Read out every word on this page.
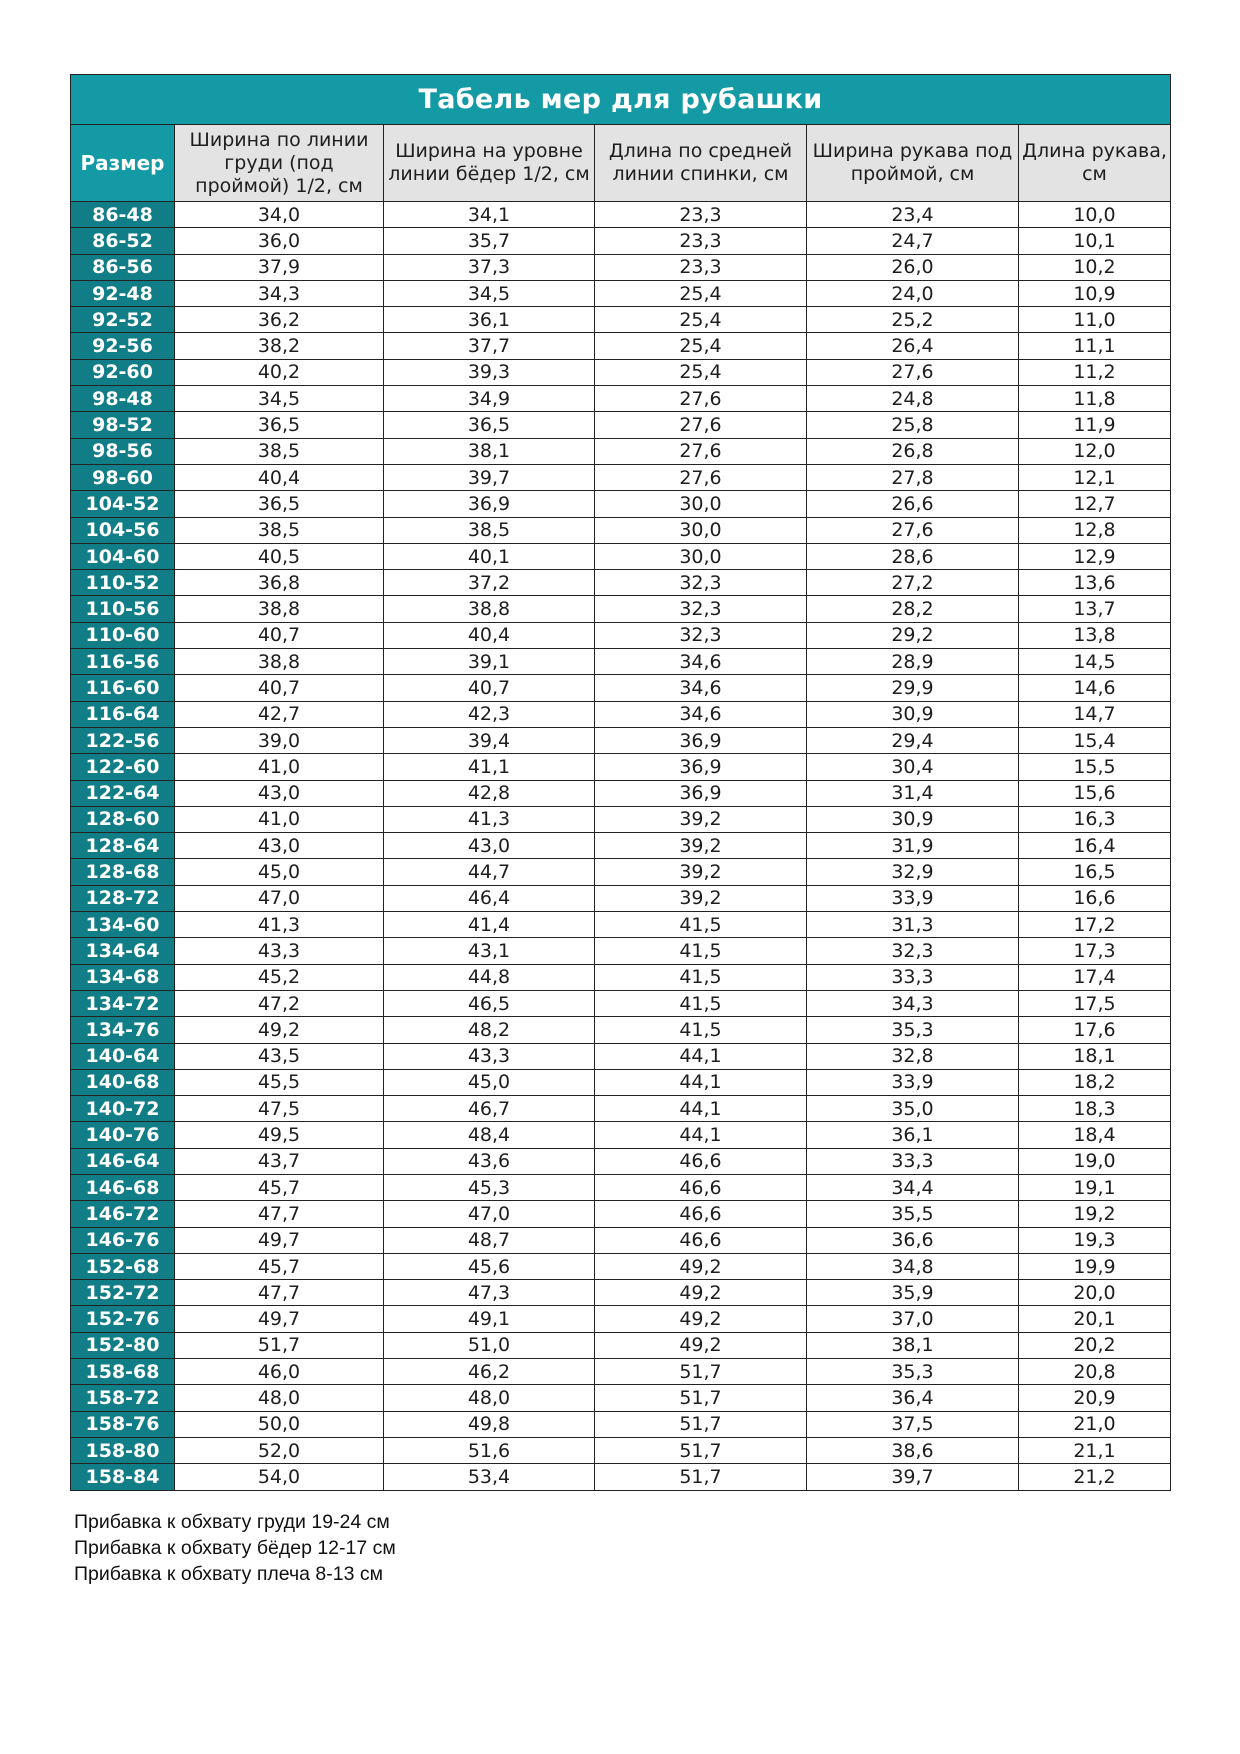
Табель мер для рубашки					
Размер	Ширина по линии груди (под проймой) 1/2, см	Ширина на уровне линии бёдер 1/2, см	Длина по средней линии спинки, см	Ширина рукава под проймой, см	Длина рукава, см
86-48	34,0	34,1	23,3	23,4	10,0
86-52	36,0	35,7	23,3	24,7	10,1
86-56	37,9	37,3	23,3	26,0	10,2
92-48	34,3	34,5	25,4	24,0	10,9
92-52	36,2	36,1	25,4	25,2	11,0
92-56	38,2	37,7	25,4	26,4	11,1
92-60	40,2	39,3	25,4	27,6	11,2
98-48	34,5	34,9	27,6	24,8	11,8
98-52	36,5	36,5	27,6	25,8	11,9
98-56	38,5	38,1	27,6	26,8	12,0
98-60	40,4	39,7	27,6	27,8	12,1
104-52	36,5	36,9	30,0	26,6	12,7
104-56	38,5	38,5	30,0	27,6	12,8
104-60	40,5	40,1	30,0	28,6	12,9
110-52	36,8	37,2	32,3	27,2	13,6
110-56	38,8	38,8	32,3	28,2	13,7
110-60	40,7	40,4	32,3	29,2	13,8
116-56	38,8	39,1	34,6	28,9	14,5
116-60	40,7	40,7	34,6	29,9	14,6
116-64	42,7	42,3	34,6	30,9	14,7
122-56	39,0	39,4	36,9	29,4	15,4
122-60	41,0	41,1	36,9	30,4	15,5
122-64	43,0	42,8	36,9	31,4	15,6
128-60	41,0	41,3	39,2	30,9	16,3
128-64	43,0	43,0	39,2	31,9	16,4
128-68	45,0	44,7	39,2	32,9	16,5
128-72	47,0	46,4	39,2	33,9	16,6
134-60	41,3	41,4	41,5	31,3	17,2
134-64	43,3	43,1	41,5	32,3	17,3
134-68	45,2	44,8	41,5	33,3	17,4
134-72	47,2	46,5	41,5	34,3	17,5
134-76	49,2	48,2	41,5	35,3	17,6
140-64	43,5	43,3	44,1	32,8	18,1
140-68	45,5	45,0	44,1	33,9	18,2
140-72	47,5	46,7	44,1	35,0	18,3
140-76	49,5	48,4	44,1	36,1	18,4
146-64	43,7	43,6	46,6	33,3	19,0
146-68	45,7	45,3	46,6	34,4	19,1
146-72	47,7	47,0	46,6	35,5	19,2
146-76	49,7	48,7	46,6	36,6	19,3
152-68	45,7	45,6	49,2	34,8	19,9
152-72	47,7	47,3	49,2	35,9	20,0
152-76	49,7	49,1	49,2	37,0	20,1
152-80	51,7	51,0	49,2	38,1	20,2
158-68	46,0	46,2	51,7	35,3	20,8
158-72	48,0	48,0	51,7	36,4	20,9
158-76	50,0	49,8	51,7	37,5	21,0
158-80	52,0	51,6	51,7	38,6	21,1
158-84	54,0	53,4	51,7	39,7	21,2
Прибавка к обхвату груди 19-24 см
Прибавка к обхвату бёдер 12-17 см
Прибавка к обхвату плеча 8-13 см
